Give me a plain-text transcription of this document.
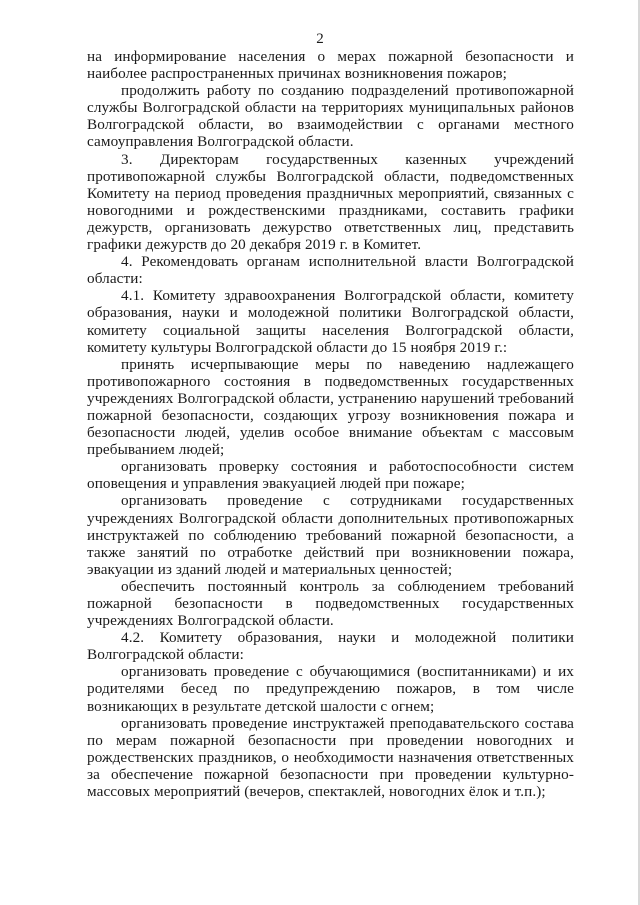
2

на информирование населения о мерах пожарной безопасности и наиболее распространенных причинах возникновения пожаров;

продолжить работу по созданию подразделений противопожарной службы Волгоградской области на территориях муниципальных районов Волгоградской области, во взаимодействии с органами местного самоуправления Волгоградской области.

3. Директорам государственных казенных учреждений противопожарной службы Волгоградской области, подведомственных Комитету на период проведения праздничных мероприятий, связанных с новогодними и рождественскими праздниками, составить графики дежурств, организовать дежурство ответственных лиц, представить графики дежурств до 20 декабря 2019 г. в Комитет.

4. Рекомендовать органам исполнительной власти Волгоградской области:

4.1. Комитету здравоохранения Волгоградской области, комитету образования, науки и молодежной политики Волгоградской области, комитету социальной защиты населения Волгоградской области, комитету культуры Волгоградской области до 15 ноября 2019 г.:

принять исчерпывающие меры по наведению надлежащего противопожарного состояния в подведомственных государственных учреждениях Волгоградской области, устранению нарушений требований пожарной безопасности, создающих угрозу возникновения пожара и безопасности людей, уделив особое внимание объектам с массовым пребыванием людей;

организовать проверку состояния и работоспособности систем оповещения и управления эвакуацией людей при пожаре;

организовать проведение с сотрудниками государственных учреждениях Волгоградской области дополнительных противопожарных инструктажей по соблюдению требований пожарной безопасности, а также занятий по отработке действий при возникновении пожара, эвакуации из зданий людей и материальных ценностей;

обеспечить постоянный контроль за соблюдением требований пожарной безопасности в подведомственных государственных учреждениях Волгоградской области.

4.2. Комитету образования, науки и молодежной политики Волгоградской области:

организовать проведение с обучающимися (воспитанниками) и их родителями бесед по предупреждению пожаров, в том числе возникающих в результате детской шалости с огнем;

организовать проведение инструктажей преподавательского состава по мерам пожарной безопасности при проведении новогодних и рождественских праздников, о необходимости назначения ответственных за обеспечение пожарной безопасности при проведении культурно-массовых мероприятий (вечеров, спектаклей, новогодних ёлок и т.п.);
